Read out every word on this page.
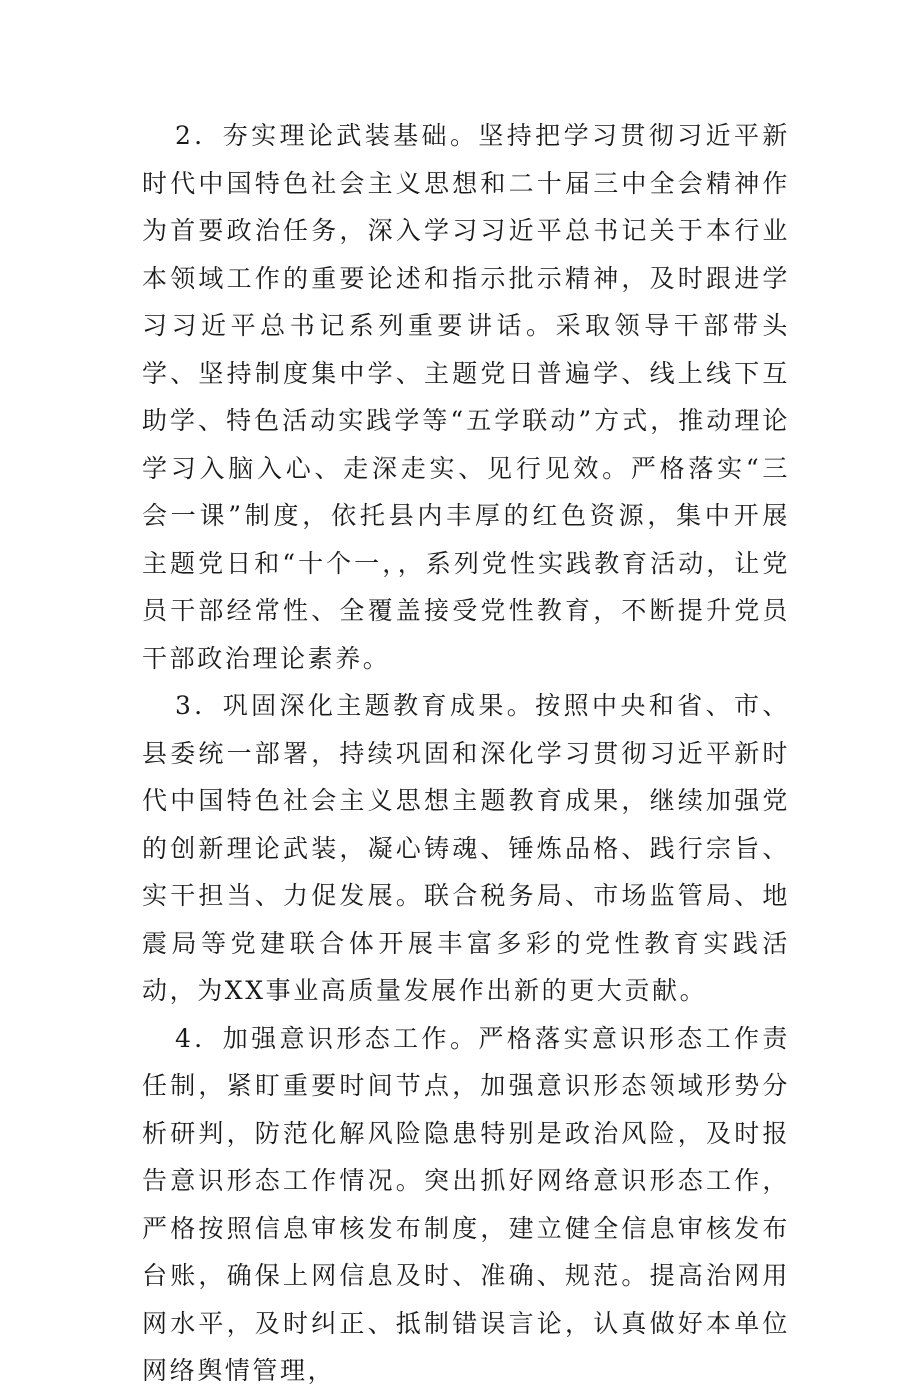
2．夯实理论武装基础。坚持把学习贯彻习近平新时代中国特色社会主义思想和二十届三中全会精神作为首要政治任务，深入学习习近平总书记关于本行业本领域工作的重要论述和指示批示精神，及时跟进学习习近平总书记系列重要讲话。采取领导干部带头学、坚持制度集中学、主题党日普遍学、线上线下互助学、特色活动实践学等“五学联动”方式，推动理论学习入脑入心、走深走实、见行见效。严格落实“三会一课”制度，依托县内丰厚的红色资源，集中开展主题党日和“十个一，，系列党性实践教育活动，让党员干部经常性、全覆盖接受党性教育，不断提升党员干部政治理论素养。

3．巩固深化主题教育成果。按照中央和省、市、县委统一部署，持续巩固和深化学习贯彻习近平新时代中国特色社会主义思想主题教育成果，继续加强党的创新理论武装，凝心铸魂、锤炼品格、践行宗旨、实干担当、力促发展。联合税务局、市场监管局、地震局等党建联合体开展丰富多彩的党性教育实践活动，为XX事业高质量发展作出新的更大贡献。

4．加强意识形态工作。严格落实意识形态工作责任制，紧盯重要时间节点，加强意识形态领域形势分析研判，防范化解风险隐患特别是政治风险，及时报告意识形态工作情况。突出抓好网络意识形态工作，严格按照信息审核发布制度，建立健全信息审核发布台账，确保上网信息及时、准确、规范。提高治网用网水平，及时纠正、抵制错误言论，认真做好本单位网络舆情管理，
